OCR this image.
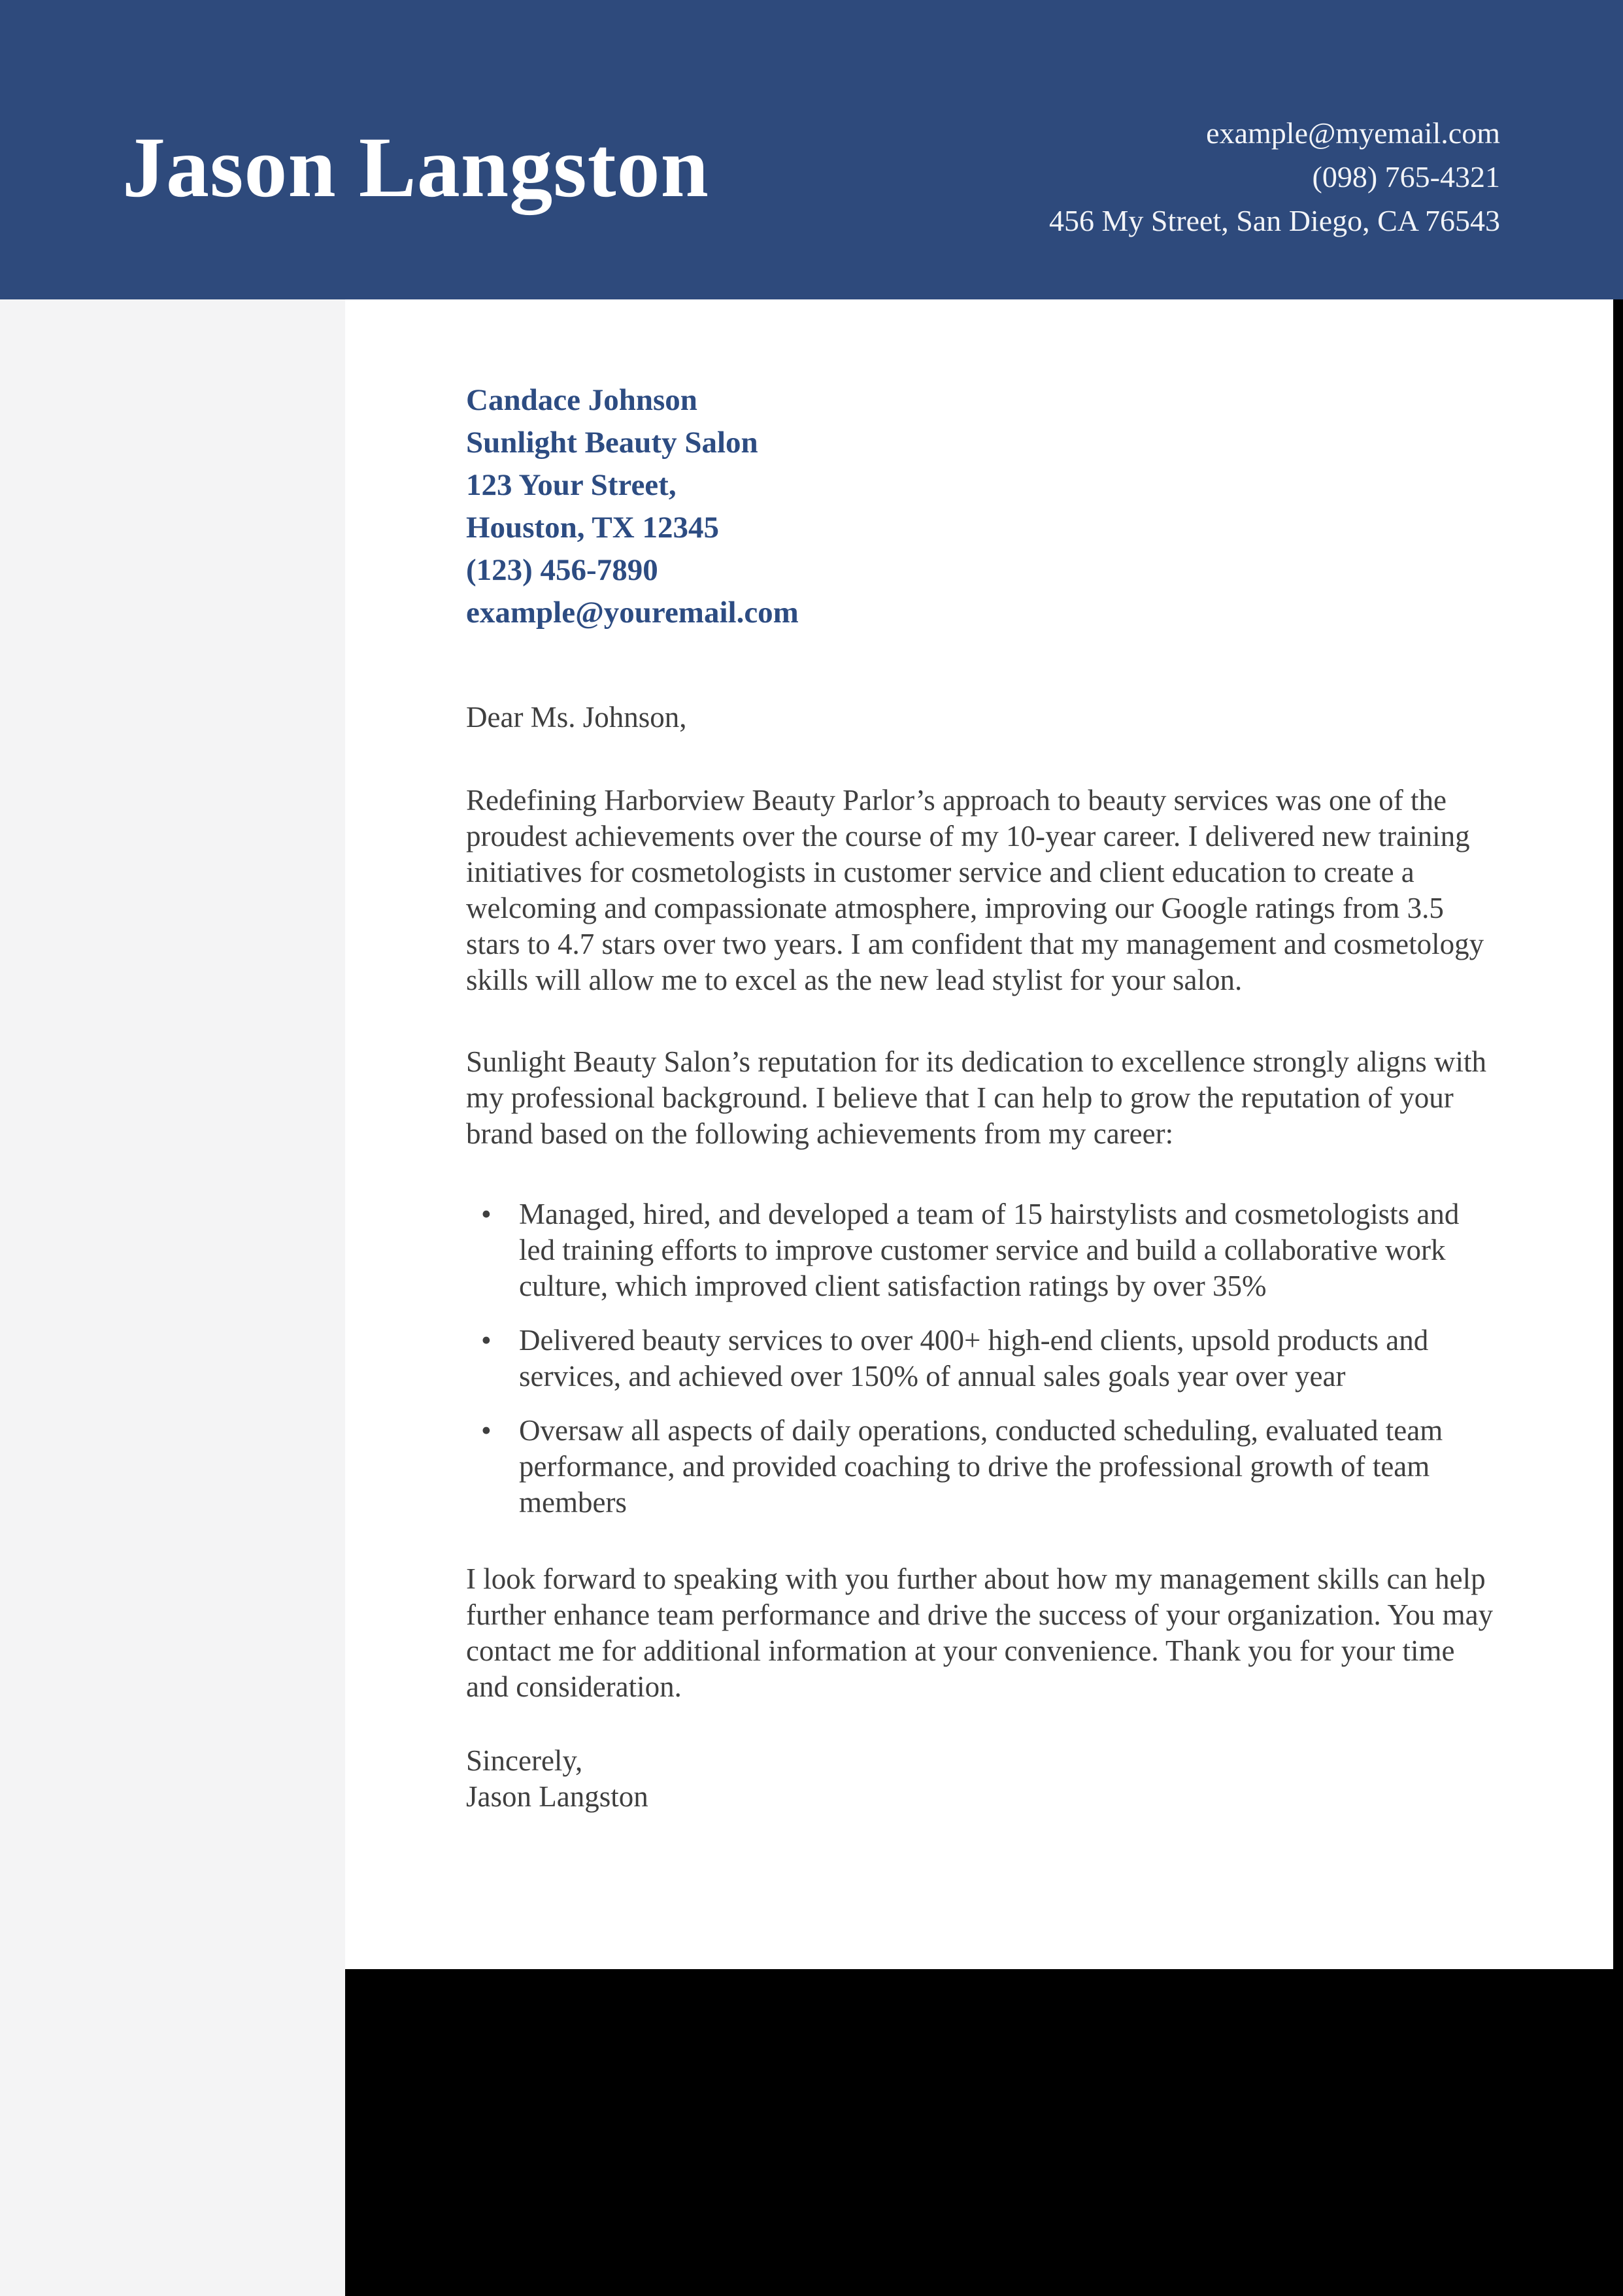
Jason Langston	example@myemail.com
(098) 765-4321
456 My Street, San Diego, CA 76543
Candace Johnson
Sunlight Beauty Salon
123 Your Street,
Houston, TX 12345
(123) 456-7890
example@youremail.com

Dear Ms. Johnson,

Redefining Harborview Beauty Parlor’s approach to beauty services was one of the proudest achievements over the course of my 10-year career. I delivered new training initiatives for cosmetologists in customer service and client education to create a welcoming and compassionate atmosphere, improving our Google ratings from 3.5 stars to 4.7 stars over two years. I am confident that my management and cosmetology skills will allow me to excel as the new lead stylist for your salon.

Sunlight Beauty Salon’s reputation for its dedication to excellence strongly aligns with my professional background. I believe that I can help to grow the reputation of your brand based on the following achievements from my career:

• Managed, hired, and developed a team of 15 hairstylists and cosmetologists and led training efforts to improve customer service and build a collaborative work culture, which improved client satisfaction ratings by over 35%
• Delivered beauty services to over 400+ high-end clients, upsold products and services, and achieved over 150% of annual sales goals year over year
• Oversaw all aspects of daily operations, conducted scheduling, evaluated team performance, and provided coaching to drive the professional growth of team members

I look forward to speaking with you further about how my management skills can help further enhance team performance and drive the success of your organization. You may contact me for additional information at your convenience. Thank you for your time and consideration.

Sincerely,
Jason Langston
